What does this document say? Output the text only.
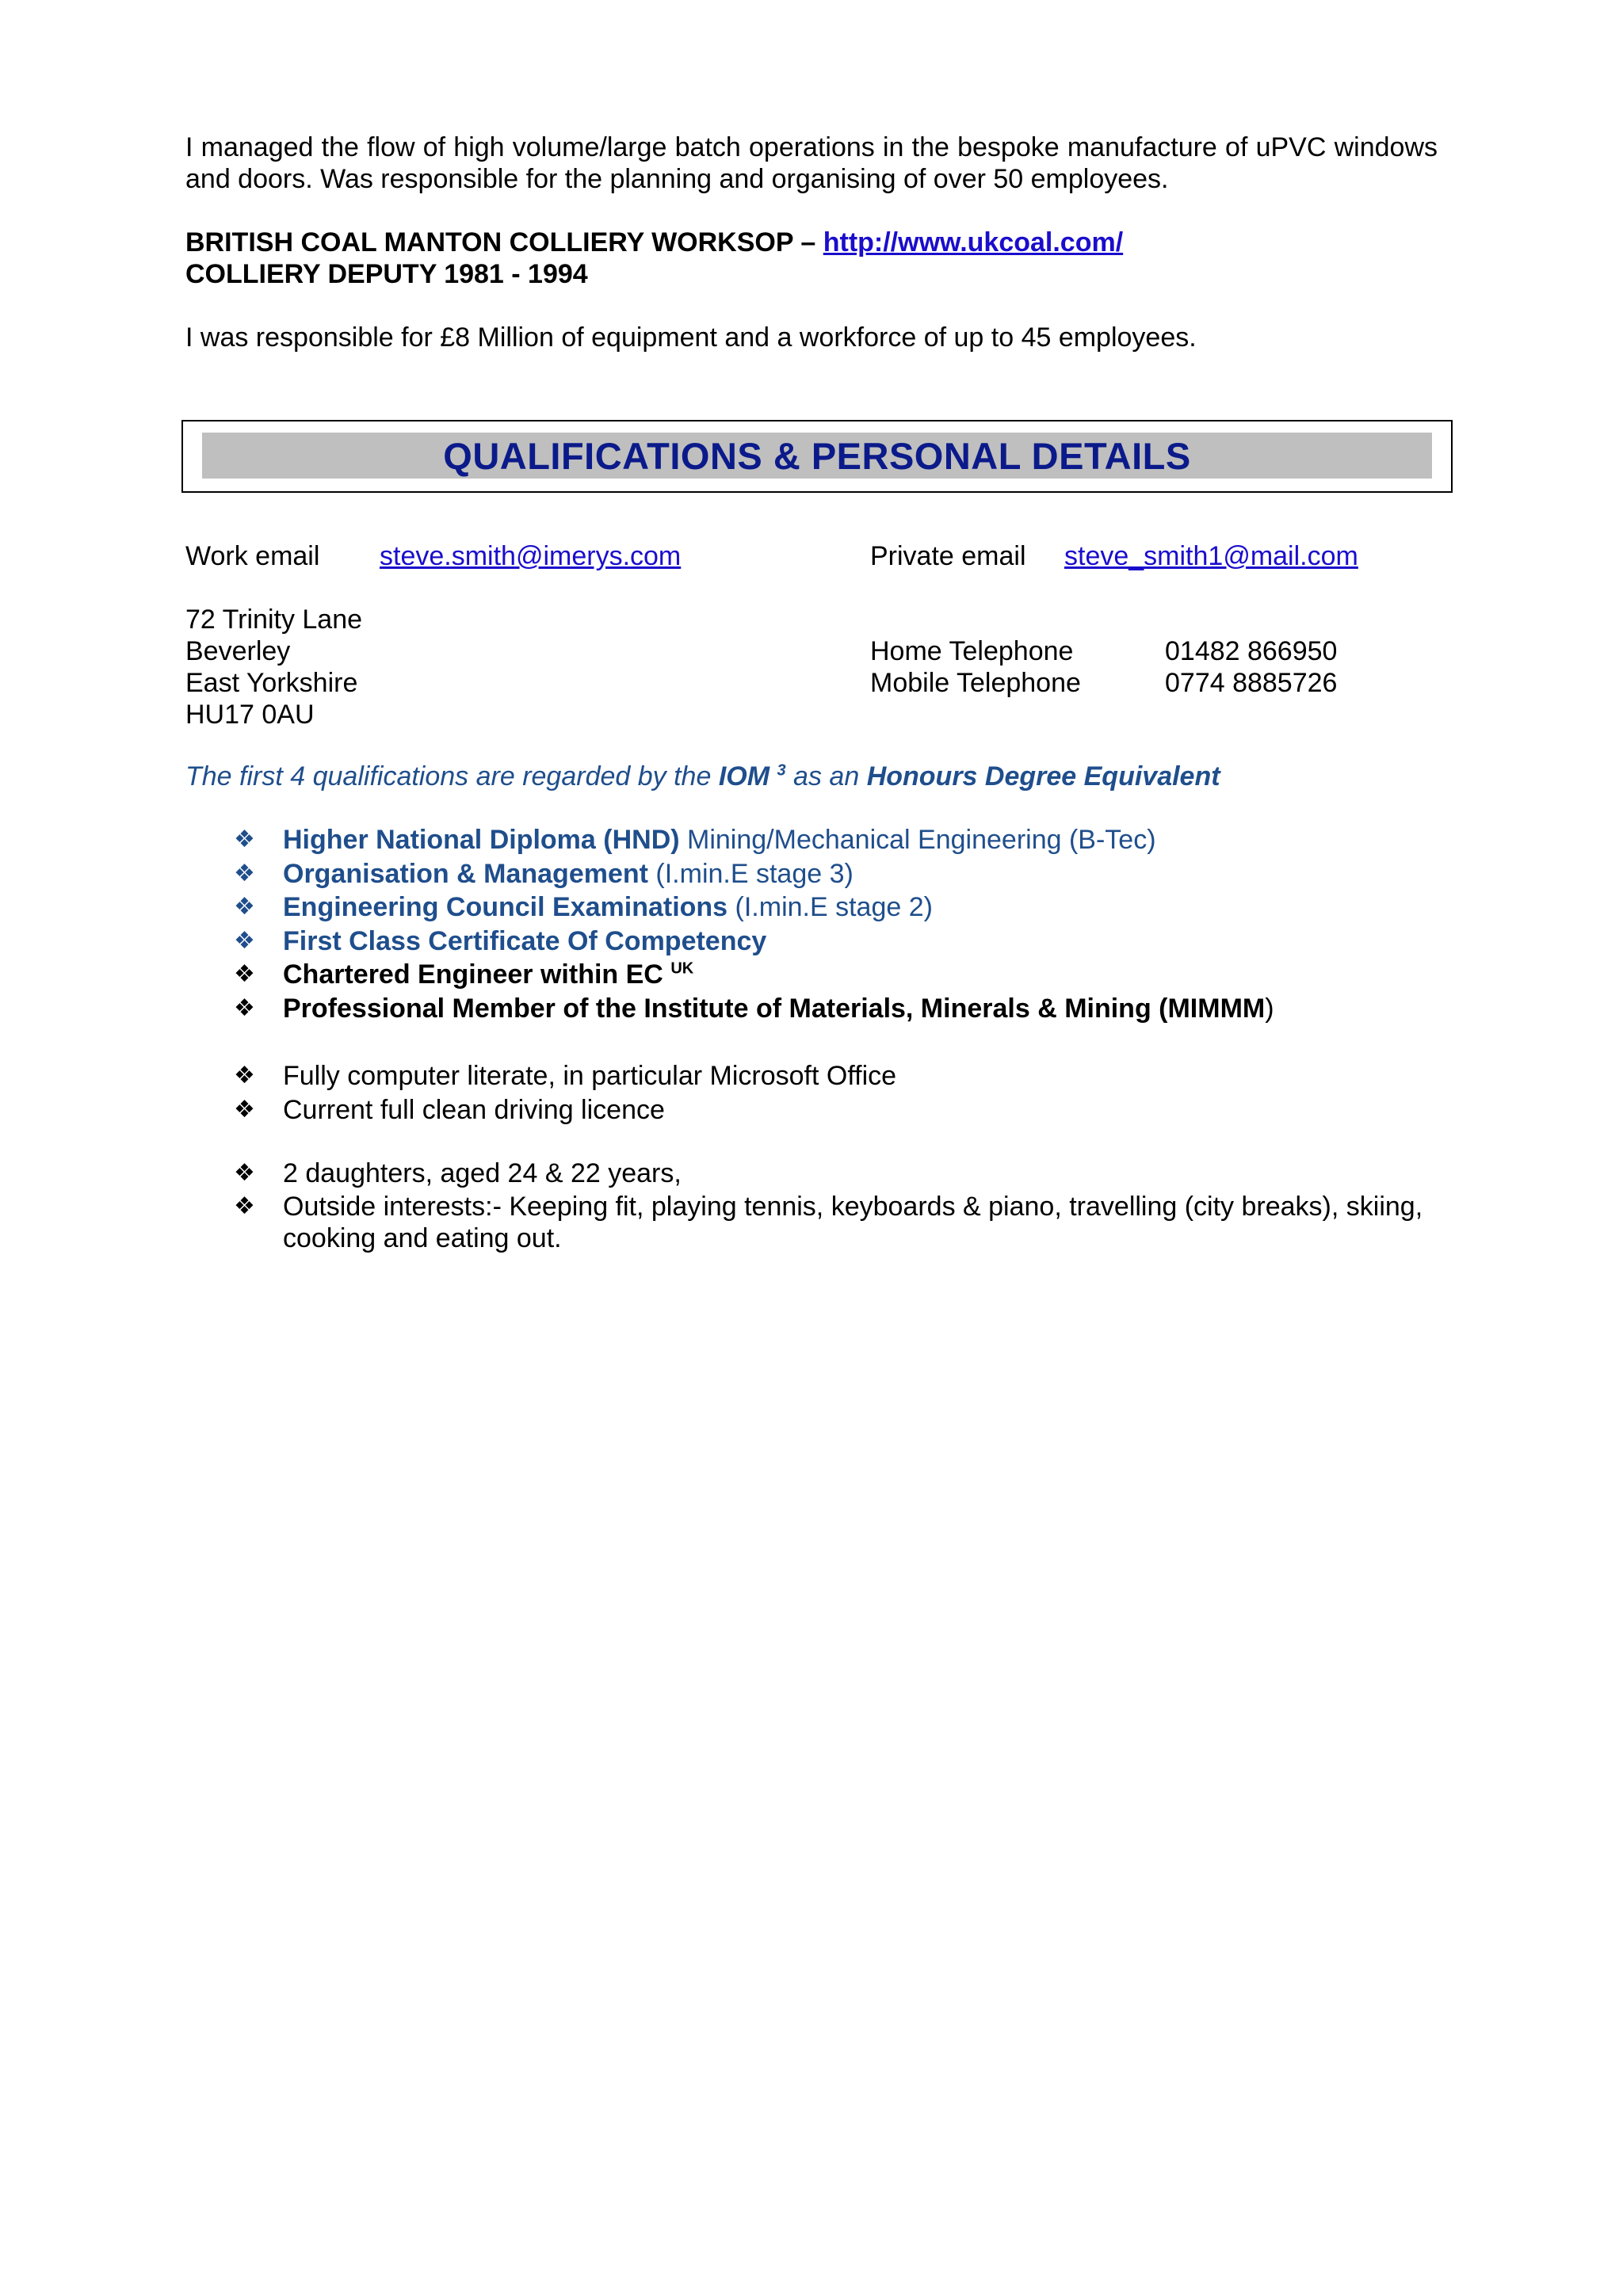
I managed the flow of high volume/large batch operations in the bespoke manufacture of uPVC windows and doors. Was responsible for the planning and organising of over 50 employees.
BRITISH COAL MANTON COLLIERY WORKSOP – http://www.ukcoal.com/
COLLIERY DEPUTY 1981 - 1994
I was responsible for £8 Million of equipment and a workforce of up to 45 employees.
QUALIFICATIONS & PERSONAL DETAILS
Work email steve.smith@imerys.com	Private email steve_smith1@mail.com
72 Trinity Lane
Beverley
East Yorkshire
HU17 0AU
Home Telephone	01482 866950
Mobile Telephone	0774 8885726
The first 4 qualifications are regarded by the IOM $^3$ as an Honours Degree Equivalent
❖ Higher National Diploma (HND) Mining/Mechanical Engineering (B-Tec)
❖ Organisation & Management (I.min.E stage 3)
❖ Engineering Council Examinations (I.min.E stage 2)
❖ First Class Certificate Of Competency
❖ Chartered Engineer within EC $^{UK}$
❖ Professional Member of the Institute of Materials, Minerals & Mining (MIMMM)
❖ Fully computer literate, in particular Microsoft Office
❖ Current full clean driving licence
❖ 2 daughters, aged 24 & 22 years,
❖ Outside interests:- Keeping fit, playing tennis, keyboards & piano, travelling (city breaks), skiing, cooking and eating out.
